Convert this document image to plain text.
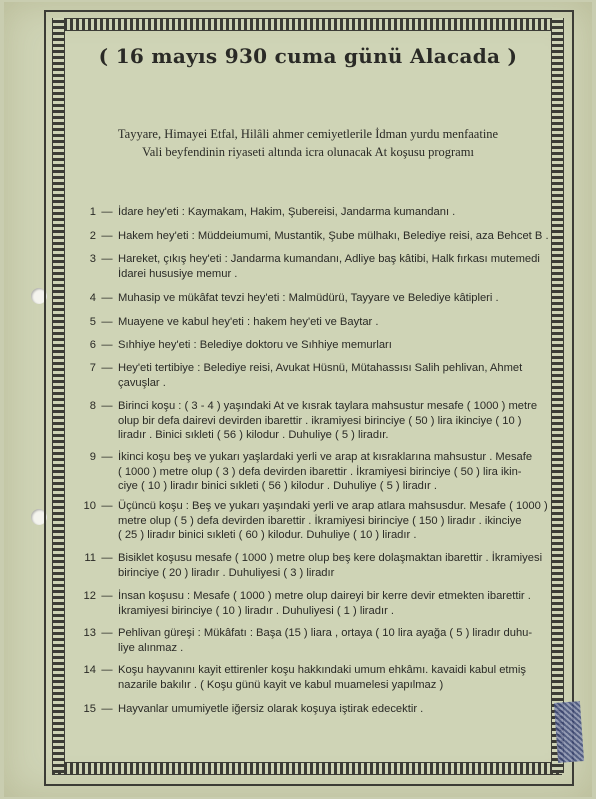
( 16 mayıs 930 cuma günü Alacada )
Tayyare, Himayei Etfal, Hilâli ahmer cemiyetlerile İdman yurdu menfaatine
Vali beyfendinin riyaseti altında icra olunacak At koşusu programı
1 — İdare hey'eti : Kaymakam, Hakim, Şubereisi, Jandarma kumandanı .
2 — Hakem hey'eti : Müddeiumumi, Mustantik, Şube mülhakı, Belediye reisi, aza Behcet B .
3 — Hareket, çıkış hey'eti : Jandarma kumandanı, Adliye baş kâtibi, Halk fırkası mutemedi
İdarei hususiye memur .
4 — Muhasip ve mükâfat tevzi hey'eti : Malmüdürü, Tayyare ve Belediye kâtipleri .
5 — Muayene ve kabul hey'eti : hakem hey'eti ve Baytar .
6 — Sıhhiye hey'eti : Belediye doktoru ve Sıhhiye memurları
7 — Hey'eti tertibiye : Belediye reisi, Avukat Hüsnü, Mütahassısı Salih pehlivan, Ahmet
çavuşlar .
8 — Birinci koşu : ( 3 - 4 ) yaşındaki At ve kısrak taylara mahsustur mesafe ( 1000 ) metre
olup bir defa dairevi devirden ibarettir . ikramiyesi birinciye ( 50 ) lira ikinciye ( 10 )
liradır . Binici sıkleti ( 56 ) kilodur . Duhuliye ( 5 ) liradır.
9 — İkinci koşu beş ve yukarı yaşlardaki yerli ve arap at kısraklarına mahsustur . Mesafe
( 1000 ) metre olup ( 3 ) defa devirden ibarettir . İkramiyesi birinciye ( 50 ) lira ikin-
ciye ( 10 ) liradır binici sıkleti ( 56 ) kilodur . Duhuliye ( 5 ) liradır .
10 — Üçüncü koşu : Beş ve yukarı yaşındaki yerli ve arap atlara mahsusdur. Mesafe ( 1000 )
metre olup ( 5 ) defa devirden ibarettir . İkramiyesi birinciye ( 150 ) liradır . ikinciye
( 25 ) liradır binici sıkleti ( 60 ) kilodur. Duhuliye ( 10 ) liradır .
11 — Bisiklet koşusu mesafe ( 1000 ) metre olup beş kere dolaşmaktan ibarettir . İkramiyesi
birinciye ( 20 ) liradır . Duhuliyesi ( 3 ) liradır
12 — İnsan koşusu : Mesafe ( 1000 ) metre olup daireyi bir kerre devir etmekten ibarettir .
İkramiyesi birinciye ( 10 ) liradır . Duhuliyesi ( 1 ) liradır .
13 — Pehlivan güreşi : Mükâfatı : Başa (15 ) liara , ortaya ( 10 lira ayağa ( 5 ) liradır duhu-
liye alınmaz .
14 — Koşu hayvanını kayit ettirenler koşu hakkındaki umum ehkâmı. kavaidi kabul etmiş
nazarile bakılır . ( Koşu günü kayit ve kabul muamelesi yapılmaz )
15 — Hayvanlar umumiyetle iğersiz olarak koşuya iştirak edecektir .
